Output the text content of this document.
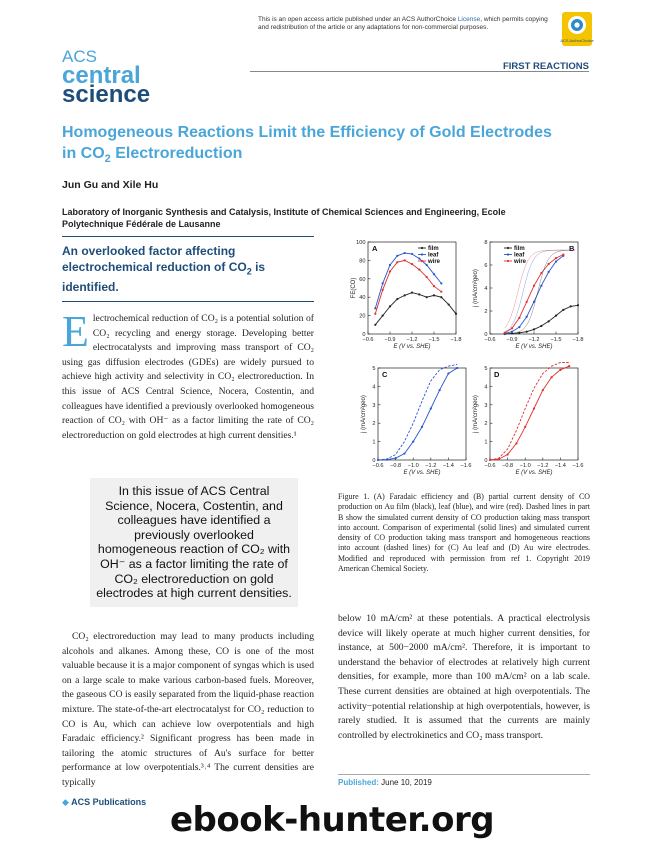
This is an open access article published under an ACS AuthorChoice License, which permits copying and redistribution of the article or any adaptations for non-commercial purposes.
ACS AuthorChoice
ACS
central
science
FIRST REACTIONS
Homogeneous Reactions Limit the Efficiency of Gold Electrodes
in $CO_2$ Electroreduction
Jun Gu and Xile Hu
Laboratory of Inorganic Synthesis and Catalysis, Institute of Chemical Sciences and Engineering, Ecole Polytechnique Fédérale de Lausanne
An overlooked factor affecting electrochemical reduction of $CO_2$ is identified.
Electrochemical reduction of CO₂ is a potential solution of CO₂ recycling and energy storage. Developing better electrocatalysts and improving mass transport of CO₂ using gas diffusion electrodes (GDEs) are widely pursued to achieve high activity and selectivity in CO₂ electroreduction. In this issue of ACS Central Science, Nocera, Costentin, and colleagues have identified a previously overlooked homogeneous reaction of CO₂ with OH⁻ as a factor limiting the rate of CO₂ electroreduction on gold electrodes at high current densities.¹
In this issue of ACS Central Science, Nocera, Costentin, and colleagues have identified a previously overlooked homogeneous reaction of CO₂ with OH⁻ as a factor limiting the rate of CO₂ electroreduction on gold electrodes at high current densities.
CO₂ electroreduction may lead to many products including alcohols and alkanes. Among these, CO is one of the most valuable because it is a major component of syngas which is used on a large scale to make various carbon-based fuels. Moreover, the gaseous CO is easily separated from the liquid-phase reaction mixture. The state-of-the-art electrocatalyst for CO₂ reduction to CO is Au, which can achieve low overpotentials and high Faradaic efficiency.² Significant progress has been made in tailoring the atomic structures of Au's surface for better performance at low overpotentials.³˒⁴ The current densities are typically
−0.6 −0.9 −1.2 −1.5 −1.8
0
20
40
60
80
100
E (V vs. SHE)
FE(CO)
A	film
leaf
wire
−0.6 −0.9 −1.2 −1.5 −1.8
0
2
4
6
8
E (V vs. SHE)
j (mA/cm²geo)
B
film
leaf
wire
−0.6 −0.8 −1.0 −1.2 −1.4 −1.6
0
1
2
3
4
5
E (V vs. SHE)
j (mA/cm²geo)
C
−0.6 −0.8 −1.0 −1.2 −1.4 −1.6
0
1
2
3
4
5
E (V vs. SHE)
j (mA/cm²geo)
D
Figure 1. (A) Faradaic efficiency and (B) partial current density of CO production on Au film (black), leaf (blue), and wire (red). Dashed lines in part B show the simulated current density of CO production taking mass transport into account. Comparison of experimental (solid lines) and simulated current density of CO production taking mass transport and homogeneous reactions into account (dashed lines) for (C) Au leaf and (D) Au wire electrodes. Modified and reproduced with permission from ref 1. Copyright 2019 American Chemical Society.
below 10 mA/cm² at these potentials. A practical electrolysis device will likely operate at much higher current densities, for instance, at 500−2000 mA/cm². Therefore, it is important to understand the behavior of electrodes at relatively high current densities, for example, more than 100 mA/cm² on a lab scale. These current densities are obtained at high overpotentials. The activity−potential relationship at high overpotentials, however, is rarely studied. It is assumed that the currents are mainly controlled by electrokinetics and CO₂ mass transport.
Published: June 10, 2019
◆ ACS Publications ebook-hunter.org
